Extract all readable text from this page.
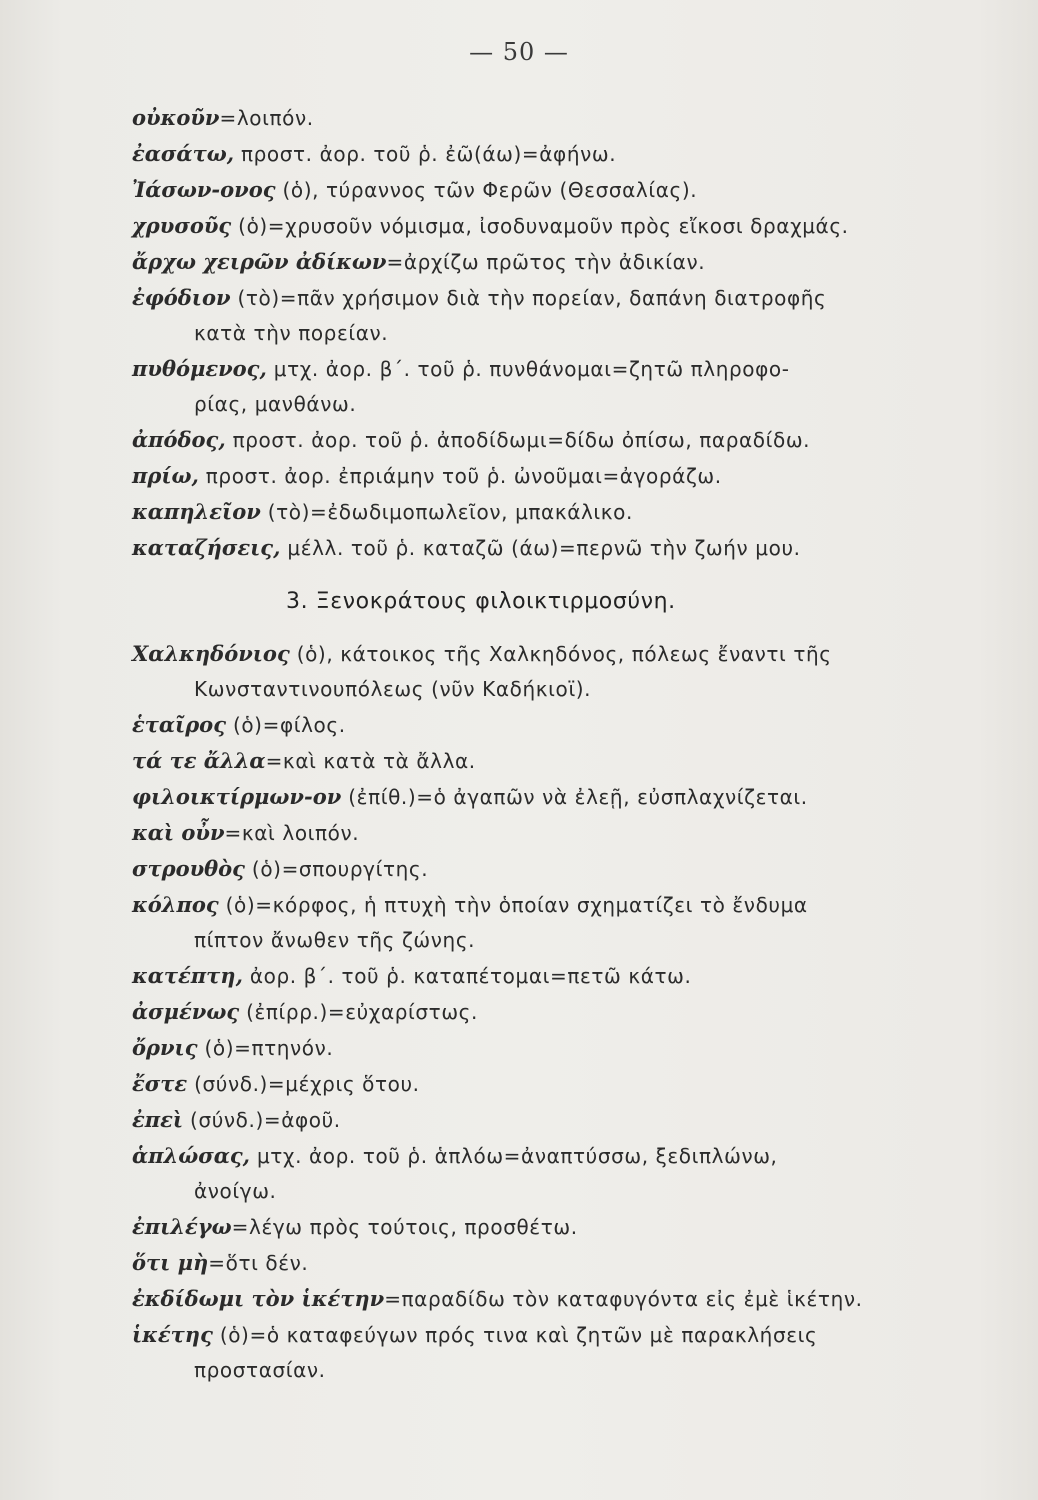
— 50 —

οὐκοῦν=λοιπόν.

ἐασάτω, προστ. ἀορ. τοῦ ῥ. ἐῶ(άω)=ἀφήνω.

Ἰάσων-ονος (ὁ), τύραννος τῶν Φερῶν (Θεσσαλίας).

χρυσοῦς (ὁ)=χρυσοῦν νόμισμα, ἰσοδυναμοῦν πρὸς εἴκοσι δραχμάς.

ἄρχω χειρῶν ἀδίκων=ἀρχίζω πρῶτος τὴν ἀδικίαν.

ἐφόδιον (τὸ)=πᾶν χρήσιμον διὰ τὴν πορείαν, δαπάνη διατροφῆς

κατὰ τὴν πορείαν.

πυθόμενος, μτχ. ἀορ. β΄. τοῦ ῥ. πυνθάνομαι=ζητῶ πληροφο-

ρίας, μανθάνω.

ἀπόδος, προστ. ἀορ. τοῦ ῥ. ἀποδίδωμι=δίδω ὀπίσω, παραδίδω.

πρίω, προστ. ἀορ. ἐπριάμην τοῦ ῥ. ὠνοῦμαι=ἀγοράζω.

καπηλεῖον (τὸ)=ἐδωδιμοπωλεῖον, μπακάλικο.

καταζήσεις, μέλλ. τοῦ ῥ. καταζῶ (άω)=περνῶ τὴν ζωήν μου.

3. Ξενοκράτους φιλοικτιρμοσύνη.

Χαλκηδόνιος (ὁ), κάτοικος τῆς Χαλκηδόνος, πόλεως ἔναντι τῆς

Κωνσταντινουπόλεως (νῦν Καδήκιοϊ).

ἑταῖρος (ὁ)=φίλος.

τά τε ἄλλα=καὶ κατὰ τὰ ἄλλα.

φιλοικτίρμων-ον (ἐπίθ.)=ὁ ἀγαπῶν νὰ ἐλεῇ, εὐσπλαχνίζεται.

καὶ οὖν=καὶ λοιπόν.

στρουθὸς (ὁ)=σπουργίτης.

κόλπος (ὁ)=κόρφος, ἡ πτυχὴ τὴν ὁποίαν σχηματίζει τὸ ἔνδυμα

πίπτον ἄνωθεν τῆς ζώνης.

κατέπτη, ἀορ. β΄. τοῦ ῥ. καταπέτομαι=πετῶ κάτω.

ἀσμένως (ἐπίρρ.)=εὐχαρίστως.

ὄρνις (ὁ)=πτηνόν.

ἔστε (σύνδ.)=μέχρις ὅτου.

ἐπεὶ (σύνδ.)=ἀφοῦ.

ἁπλώσας, μτχ. ἀορ. τοῦ ῥ. ἁπλόω=ἀναπτύσσω, ξεδιπλώνω,

ἀνοίγω.

ἐπιλέγω=λέγω πρὸς τούτοις, προσθέτω.

ὅτι μὴ=ὅτι δέν.

ἐκδίδωμι τὸν ἱκέτην=παραδίδω τὸν καταφυγόντα εἰς ἐμὲ ἱκέτην.

ἱκέτης (ὁ)=ὁ καταφεύγων πρός τινα καὶ ζητῶν μὲ παρακλήσεις

προστασίαν.
